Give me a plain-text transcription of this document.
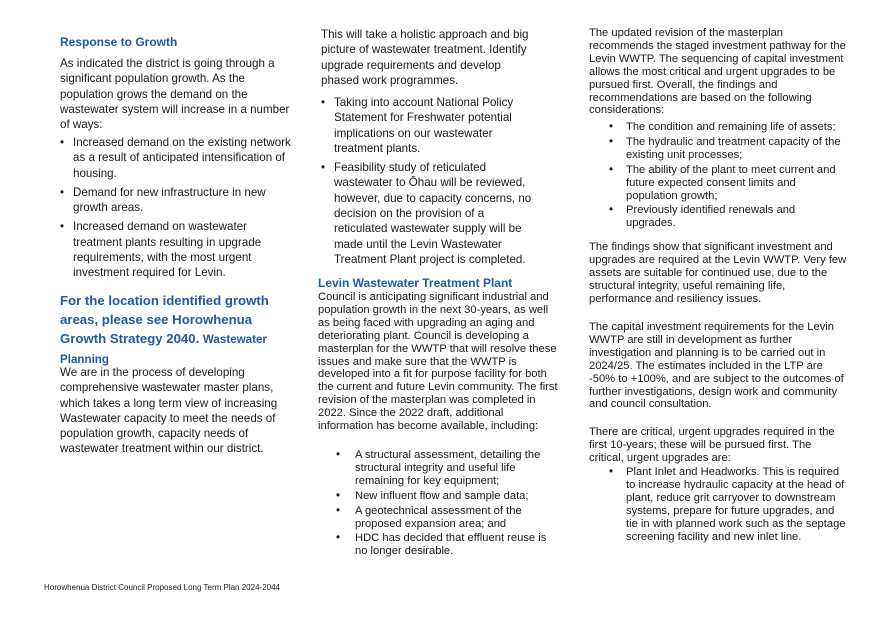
Response to Growth

As indicated the district is going through a significant population growth. As the population grows the demand on the wastewater system will increase in a number of ways:

• Increased demand on the existing network as a result of anticipated intensification of housing.
• Demand for new infrastructure in new growth areas.
• Increased demand on wastewater treatment plants resulting in upgrade requirements, with the most urgent investment required for Levin.
For the location identified growth areas, please see Horowhenua Growth Strategy 2040. Wastewater Planning

We are in the process of developing comprehensive wastewater master plans, which takes a long term view of increasing Wastewater capacity to meet the needs of population growth, capacity needs of wastewater treatment within our district.

This will take a holistic approach and big picture of wastewater treatment. Identify upgrade requirements and develop phased work programmes.

• Taking into account National Policy Statement for Freshwater potential implications on our wastewater treatment plants.
• Feasibility study of reticulated wastewater to Ōhau will be reviewed, however, due to capacity concerns, no decision on the provision of a reticulated wastewater supply will be made until the Levin Wastewater Treatment Plant project is completed.
Levin Wastewater Treatment Plant

Council is anticipating significant industrial and population growth in the next 30-years, as well as being faced with upgrading an aging and deteriorating plant. Council is developing a masterplan for the WWTP that will resolve these issues and make sure that the WWTP is developed into a fit for purpose facility for both the current and future Levin community. The first revision of the masterplan was completed in 2022. Since the 2022 draft, additional information has become available, including:

• A structural assessment, detailing the structural integrity and useful life remaining for key equipment;
• New influent flow and sample data;
• A geotechnical assessment of the proposed expansion area; and
• HDC has decided that effluent reuse is no longer desirable.

The updated revision of the masterplan recommends the staged investment pathway for the Levin WWTP. The sequencing of capital investment allows the most critical and urgent upgrades to be pursued first. Overall, the findings and recommendations are based on the following considerations:

• The condition and remaining life of assets;
• The hydraulic and treatment capacity of the existing unit processes;
• The ability of the plant to meet current and future expected consent limits and population growth;
• Previously identified renewals and upgrades.

The findings show that significant investment and upgrades are required at the Levin WWTP. Very few assets are suitable for continued use, due to the structural integrity, useful remaining life, performance and resiliency issues.

The capital investment requirements for the Levin WWTP are still in development as further investigation and planning is to be carried out in 2024/25. The estimates included in the LTP are -50% to +100%, and are subject to the outcomes of further investigations, design work and community and council consultation.

There are critical, urgent upgrades required in the first 10-years; these will be pursued first. The critical, urgent upgrades are:

• Plant Inlet and Headworks. This is required to increase hydraulic capacity at the head of plant, reduce grit carryover to downstream systems, prepare for future upgrades, and tie in with planned work such as the septage screening facility and new inlet line.
Horowhenua District Council Proposed Long Term Plan 2024-2044
